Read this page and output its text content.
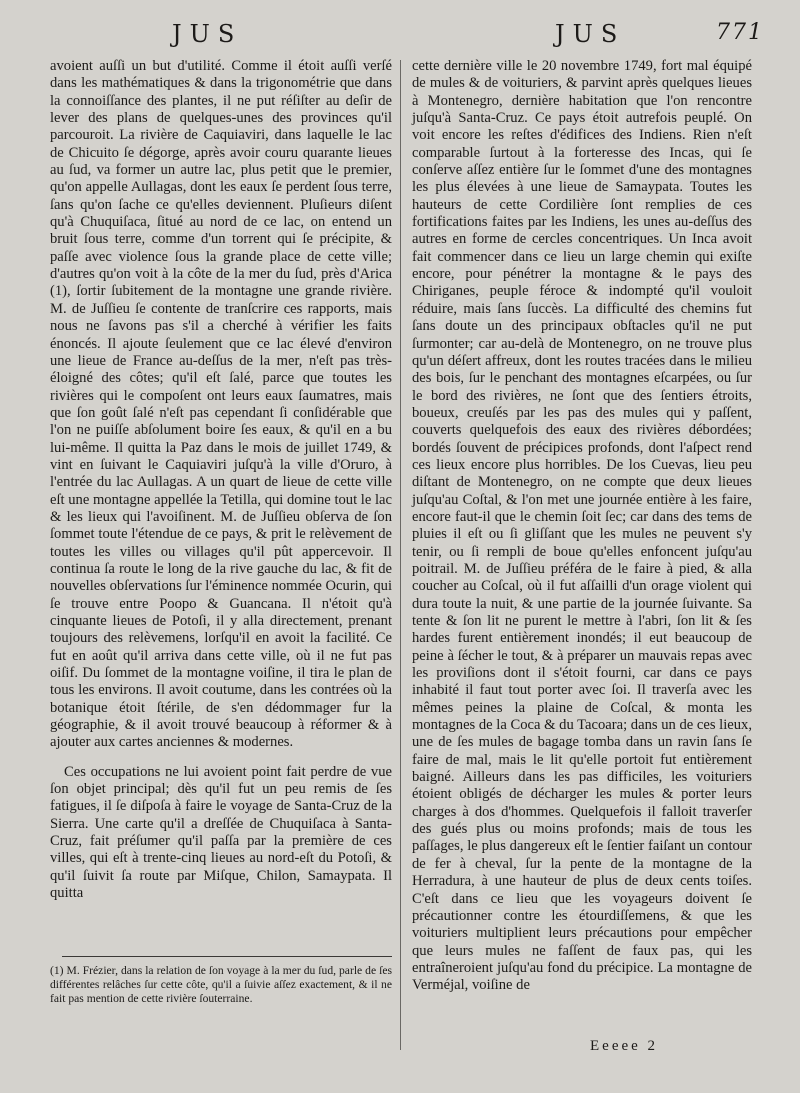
JUS	JUS	771

avoient auſſi un but d'utilité. Comme il étoit auſſi verſé dans les mathématiques & dans la trigonométrie que dans la connoiſſance des plantes, il ne put réſiſter au deſir de lever des plans de quelques-unes des provinces qu'il parcouroit. La rivière de Caquiaviri, dans laquelle le lac de Chicuito ſe dégorge, après avoir couru quarante lieues au ſud, va former un autre lac, plus petit que le premier, qu'on appelle Aullagas, dont les eaux ſe perdent ſous terre, ſans qu'on ſache ce qu'elles deviennent. Pluſieurs diſent qu'à Chuquiſaca, ſitué au nord de ce lac, on entend un bruit ſous terre, comme d'un torrent qui ſe précipite, & paſſe avec violence ſous la grande place de cette ville; d'autres qu'on voit à la côte de la mer du ſud, près d'Arica (1), ſortir ſubitement de la montagne une grande rivière. M. de Juſſieu ſe contente de tranſcrire ces rapports, mais nous ne ſavons pas s'il a cherché à vérifier les faits énoncés. Il ajoute ſeulement que ce lac élevé d'environ une lieue de France au-deſſus de la mer, n'eſt pas très-éloigné des côtes; qu'il eſt ſalé, parce que toutes les rivières qui le compoſent ont leurs eaux ſaumatres, mais que ſon goût ſalé n'eſt pas cependant ſi conſidérable que l'on ne puiſſe abſolument boire ſes eaux, & qu'il en a bu lui-même. Il quitta la Paz dans le mois de juillet 1749, & vint en ſuivant le Caquiaviri juſqu'à la ville d'Oruro, à l'entrée du lac Aullagas. A un quart de lieue de cette ville eſt une montagne appellée la Tetilla, qui domine tout le lac & les lieux qui l'avoiſinent. M. de Juſſieu obſerva de ſon ſommet toute l'étendue de ce pays, & prit le relèvement de toutes les villes ou villages qu'il pût appercevoir. Il continua ſa route le long de la rive gauche du lac, & fit de nouvelles obſervations ſur l'éminence nommée Ocurin, qui ſe trouve entre Poopo & Guancana. Il n'étoit qu'à cinquante lieues de Potoſi, il y alla directement, prenant toujours des relèvemens, lorſqu'il en avoit la facilité. Ce fut en août qu'il arriva dans cette ville, où il ne fut pas oiſif. Du ſommet de la montagne voiſine, il tira le plan de tous les environs. Il avoit coutume, dans les contrées où la botanique étoit ſtérile, de s'en dédommager fur la géographie, & il avoit trouvé beaucoup à réformer & à ajouter aux cartes anciennes & modernes.

Ces occupations ne lui avoient point fait perdre de vue ſon objet principal; dès qu'il fut un peu remis de ſes fatigues, il ſe diſpoſa à faire le voyage de Santa-Cruz de la Sierra. Une carte qu'il a dreſſée de Chuquiſaca à Santa-Cruz, fait préſumer qu'il paſſa par la première de ces villes, qui eſt à trente-cinq lieues au nord-eſt du Potoſi, & qu'il ſuivit ſa route par Miſque, Chilon, Samaypata. Il quitta

cette dernière ville le 20 novembre 1749, fort mal équipé de mules & de voituriers, & parvint après quelques lieues à Montenegro, dernière habitation que l'on rencontre juſqu'à Santa-Cruz. Ce pays étoit autrefois peuplé. On voit encore les reſtes d'édifices des Indiens. Rien n'eſt comparable ſurtout à la forteresse des Incas, qui ſe conſerve aſſez entière ſur le ſommet d'une des montagnes les plus élevées à une lieue de Samaypata. Toutes les hauteurs de cette Cordilière ſont remplies de ces fortifications faites par les Indiens, les unes au-deſſus des autres en forme de cercles concentriques. Un Inca avoit fait commencer dans ce lieu un large chemin qui exiſte encore, pour pénétrer la montagne & le pays des Chiriganes, peuple féroce & indompté qu'il vouloit réduire, mais ſans ſuccès. La difficulté des chemins fut ſans doute un des principaux obſtacles qu'il ne put ſurmonter; car au-delà de Montenegro, on ne trouve plus qu'un déſert affreux, dont les routes tracées dans le milieu des bois, ſur le penchant des montagnes eſcarpées, ou ſur le bord des rivières, ne ſont que des ſentiers étroits, boueux, creuſés par les pas des mules qui y paſſent, couverts quelquefois des eaux des rivières débordées; bordés ſouvent de précipices profonds, dont l'aſpect rend ces lieux encore plus horribles. De los Cuevas, lieu peu diſtant de Montenegro, on ne compte que deux lieues juſqu'au Coſtal, & l'on met une journée entière à les faire, encore faut-il que le chemin ſoit ſec; car dans des tems de pluies il eſt ou ſi gliſſant que les mules ne peuvent s'y tenir, ou ſi rempli de boue qu'elles enfoncent juſqu'au poitrail. M. de Juſſieu préféra de le faire à pied, & alla coucher au Coſcal, où il fut aſſailli d'un orage violent qui dura toute la nuit, & une partie de la journée ſuivante. Sa tente & ſon lit ne purent le mettre à l'abri, ſon lit & ſes hardes furent entièrement inondés; il eut beaucoup de peine à ſécher le tout, & à préparer un mauvais repas avec les proviſions dont il s'étoit fourni, car dans ce pays inhabité il faut tout porter avec ſoi. Il traverſa avec les mêmes peines la plaine de Coſcal, & monta les montagnes de la Coca & du Tacoara; dans un de ces lieux, une de ſes mules de bagage tomba dans un ravin ſans ſe faire de mal, mais le lit qu'elle portoit fut entièrement baigné. Ailleurs dans les pas difficiles, les voituriers étoient obligés de décharger les mules & porter leurs charges à dos d'hommes. Quelquefois il falloit traverſer des gués plus ou moins profonds; mais de tous les paſſages, le plus dangereux eſt le ſentier faiſant un contour de fer à cheval, ſur la pente de la montagne de la Herradura, à une hauteur de plus de deux cents toiſes. C'eſt dans ce lieu que les voyageurs doivent ſe précautionner contre les étourdiſſemens, & que les voituriers multiplient leurs précautions pour empêcher que leurs mules ne faſſent de faux pas, qui les entraîneroient juſqu'au fond du précipice. La montagne de Verméjal, voiſine de

(1) M. Frézier, dans la relation de ſon voyage à la mer du ſud, parle de ſes différentes relâches ſur cette côte, qu'il a ſuivie aſſez exactement, & il ne fait pas mention de cette rivière ſouterraine.
Eeeee 2
